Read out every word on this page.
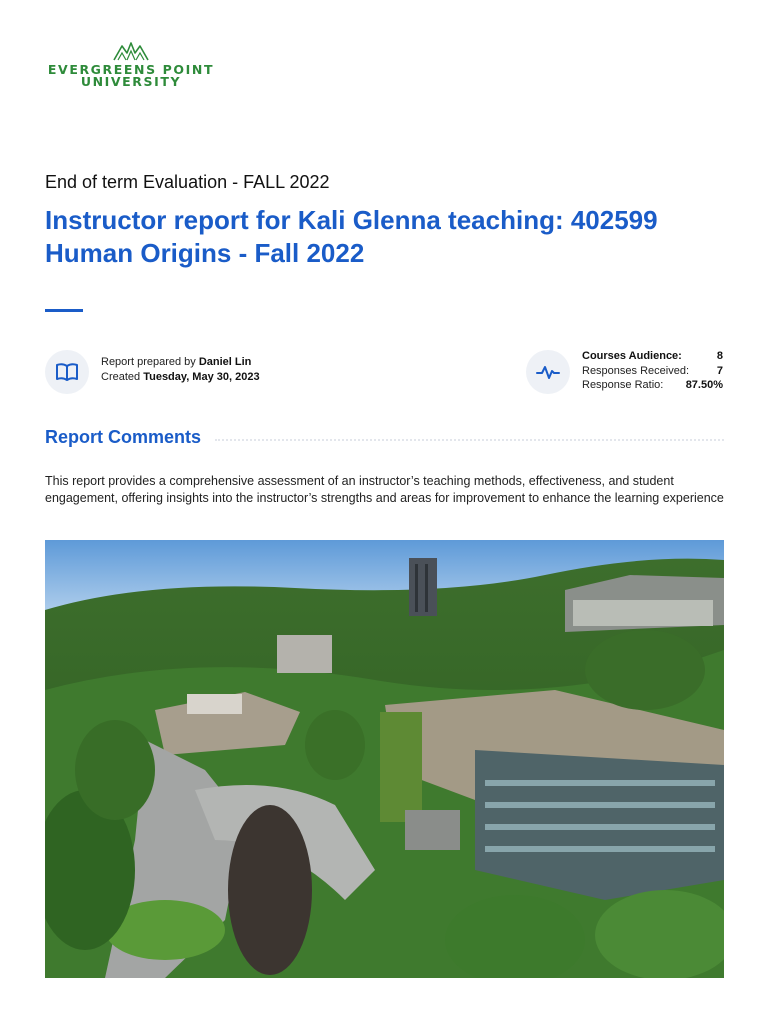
EVERGREENS POINT
UNIVERSITY
End of term Evaluation - FALL 2022
Instructor report for Kali Glenna teaching: 402599 Human Origins - Fall 2022
Report prepared by Daniel Lin
Created Tuesday, May 30, 2023
Courses Audience:	8
Responses Received:	7
Response Ratio: 87.50%
Report Comments

This report provides a comprehensive assessment of an instructor’s teaching methods, effectiveness, and student engagement, offering insights into the instructor’s strengths and areas for improvement to enhance the learning experience
